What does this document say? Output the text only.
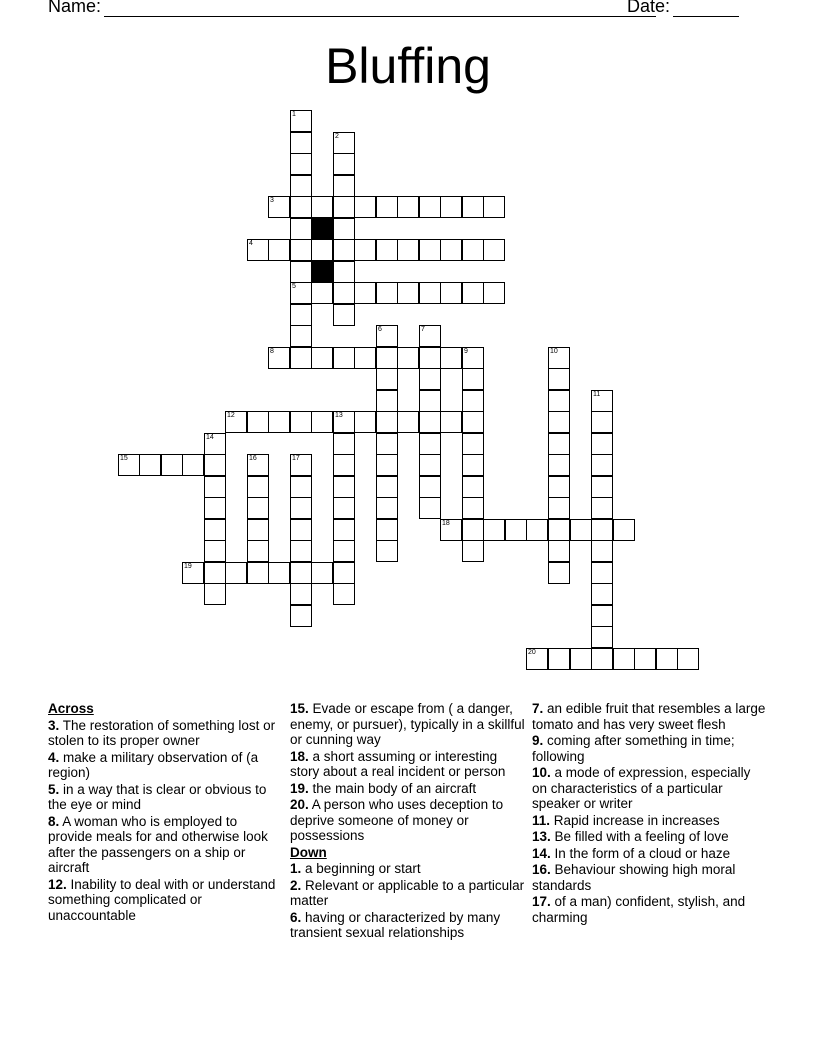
Name:	Date:
Bluffing
1
2
3
4
5
6	7
8	9	10
11
12	13
14
15	16	17
18
19
20
Across
3. The restoration of something lost or stolen to its proper owner
4. make a military observation of (a region)
5. in a way that is clear or obvious to the eye or mind
8. A woman who is employed to provide meals for and otherwise look after the passengers on a ship or aircraft
12. Inability to deal with or understand something complicated or unaccountable
15. Evade or escape from ( a danger, enemy, or pursuer), typically in a skillful or cunning way
18. a short assuming or interesting story about a real incident or person
19. the main body of an aircraft
20. A person who uses deception to deprive someone of money or possessions
Down
1. a beginning or start
2. Relevant or applicable to a particular matter
6. having or characterized by many transient sexual relationships
7. an edible fruit that resembles a large tomato and has very sweet flesh
9. coming after something in time; following
10. a mode of expression, especially on characteristics of a particular speaker or writer
11. Rapid increase in increases
13. Be filled with a feeling of love
14. In the form of a cloud or haze
16. Behaviour showing high moral standards
17. of a man) confident, stylish, and charming
